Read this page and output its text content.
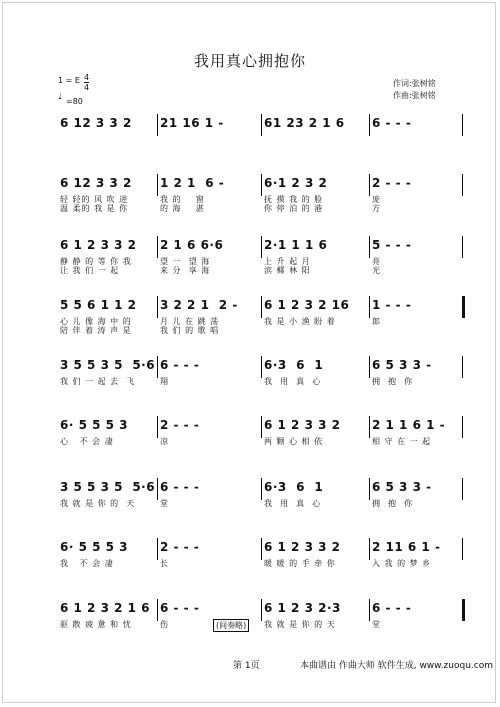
我用真心拥抱你
作词:张树铭
作曲:张树铭
1 = E 4
4
♩ =80
6 12 3 3 2 21 16 1 -	61 23 2 1 6 6 - - -
6 12 3 3 2
轻 轻的 风 吹 进
温 柔的 我 是 你
1 2 1  6 -
我 的    窗
的 海    湛
6·1 2 3 2
抚 摸 我 的 脸
你 停 泊 的 港
2 - - -
庞
方
6 1 2 3 3 2
静 静 的 等 你 我
让 我 们 一 起
2 1 6 6·6
望 一  望 海
来 分  享 海
2·1 1 1 6
上 升 起 月
滨 椰 林 阳
5 - - -
亮
光
5 5 6 1 1 2
心 儿 像 海 中 的
陪 伴 着 涛 声 是
3 2 2 1  2 -
月 儿 在 跳 荡
我 们 的 歌 唱
6 1 2 3 2 16
我 是 小 渔 盼 着
1 - - -
郎
3 5 5 3 5  5·6
我 们 一 起 去  飞
6 - - -
翔
6·3  6  1
我  用  真  心
6 5 3 3 -
拥  抱  你
6· 5 5 5 3
心   不 会 凄
2 - - -
凉
6 1 2 3 3 2
两 颗 心 相 依
2 1 1 6 1 -
相 守 在 一 起
3 5 5 3 5  5·6
我 就 是 你 的  天
6 - - -
堂
6·3  6  1
我  用  真  心
6 5 3 3 -
拥  抱  你
6· 5 5 5 3
我   不 会 凄
2 - - -
长
6 1 2 3 3 2
暖 暖 的 手 牵 你
2 11 6 1 -
入 我 的 梦 乡
6 1 2 3 2 1 6
驱 散 疲 惫 和 忧
6 - - -
伤
6 1 2 3 2·3
我 就 是 你 的 天
6 - - -
堂
(间奏略)
第 1页	本曲谱由 作曲大师 软件生成, www.zuoqu.com
